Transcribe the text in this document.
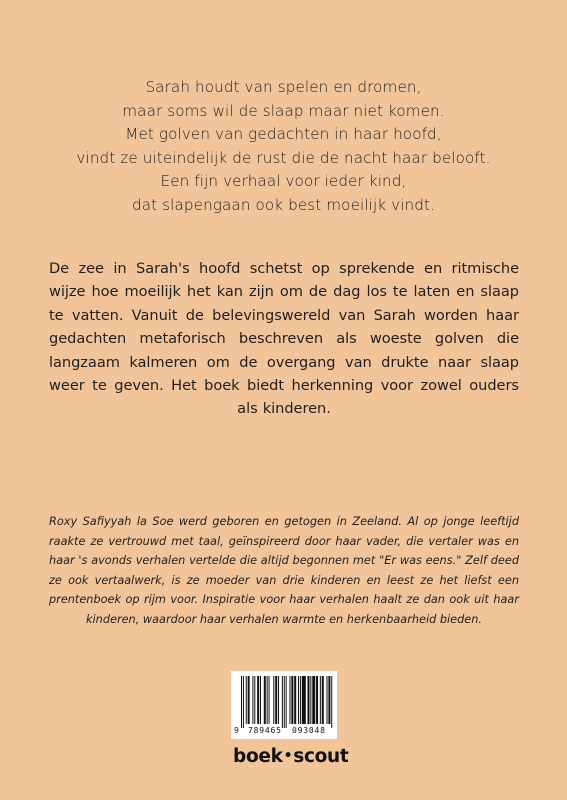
Sarah houdt van spelen en dromen,
maar soms wil de slaap maar niet komen.
Met golven van gedachten in haar hoofd,
vindt ze uiteindelijk de rust die de nacht haar belooft.
Een fijn verhaal voor ieder kind,
dat slapengaan ook best moeilijk vindt.
De zee in Sarah's hoofd schetst op sprekende en ritmische wijze hoe moeilijk het kan zijn om de dag los te laten en slaap te vatten. Vanuit de belevingswereld van Sarah worden haar gedachten metaforisch beschreven als woeste golven die langzaam kalmeren om de overgang van drukte naar slaap weer te geven. Het boek biedt herkenning voor zowel ouders als kinderen.
Roxy Safiyyah la Soe werd geboren en getogen in Zeeland. Al op jonge leeftijd raakte ze vertrouwd met taal, geïnspireerd door haar vader, die vertaler was en haar 's avonds verhalen vertelde die altijd begonnen met "Er was eens." Zelf deed ze ook vertaalwerk, is ze moeder van drie kinderen en leest ze het liefst een prentenboek op rijm voor. Inspiratie voor haar verhalen haalt ze dan ook uit haar kinderen, waardoor haar verhalen warmte en herkenbaarheid bieden.
9 789465 093048
boek•scout
